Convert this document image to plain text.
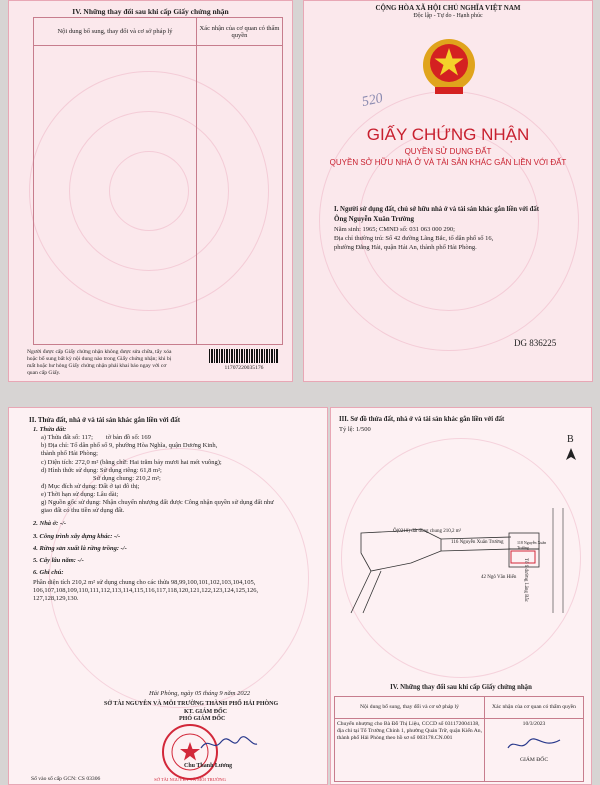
IV. Những thay đổi sau khi cấp Giấy chứng nhận
Nội dung bổ sung, thay đổi và cơ sở pháp lý	Xác nhận của cơ quan có thẩm quyền

Người được cấp Giấy chứng nhận không được sửa chữa, tẩy xóa hoặc bổ sung bất kỳ nội dung nào trong Giấy chứng nhận; khi bị mất hoặc hư hỏng Giấy chứng nhận phải khai báo ngay với cơ quan cấp Giấy.
11707220035176
CỘNG HÒA XÃ HỘI CHỦ NGHĨA VIỆT NAM
Độc lập - Tự do - Hạnh phúc
520
GIẤY CHỨNG NHẬN
QUYỀN SỬ DỤNG ĐẤT
QUYỀN SỞ HỮU NHÀ Ở VÀ TÀI SẢN KHÁC GẮN LIỀN VỚI ĐẤT
I. Người sử dụng đất, chủ sở hữu nhà ở và tài sản khác gắn liền với đất
Ông Nguyễn Xuân Trường
Năm sinh: 1965; CMND số: 031 063 000 290;
Địa chỉ thường trú: Số 42 đường Lãng Bắc, tổ dân phố số 16,
phường Đằng Hải, quận Hải An, thành phố Hải Phòng.
DG 836225
II. Thửa đất, nhà ở và tài sản khác gắn liền với đất
1. Thửa đất:
a) Thửa đất số: 117; tờ bản đồ số: 169
b) Địa chỉ: Tổ dân phố số 9, phường Hòa Nghĩa, quận Dương Kinh,
thành phố Hải Phòng;
c) Diện tích: 272,0 m² (bằng chữ: Hai trăm bảy mươi hai mét vuông);
d) Hình thức sử dụng: Sử dụng riêng: 61,8 m²;
Sử dụng chung: 210,2 m²;
đ) Mục đích sử dụng: Đất ở tại đô thị;
e) Thời hạn sử dụng: Lâu dài;
g) Nguồn gốc sử dụng: Nhận chuyển nhượng đất được Công nhận quyền sử dụng đất như
giao đất có thu tiền sử dụng đất.
2. Nhà ở: -/-
3. Công trình xây dựng khác: -/-
4. Rừng sản xuất là rừng trồng: -/-
5. Cây lâu năm: -/-
6. Ghi chú:
Phần diện tích 210,2 m² sử dụng chung cho các thửa 98,99,100,101,102,103,104,105,
106,107,108,109,110,111,112,113,114,115,116,117,118,120,121,122,123,124,125,126,
127,128,129,130.
Hải Phòng, ngày 05 tháng 9 năm 2022
SỞ TÀI NGUYÊN VÀ MÔI TRƯỜNG THÀNH PHỐ HẢI PHÒNG
KT. GIÁM ĐỐC
PHÓ GIÁM ĐỐC
SỞ TÀI NGUYÊN VÀ MÔI TRƯỜNG
Chu Thanh Lương
Số vào sổ cấp GCN: CS 03306
III. Sơ đồ thửa đất, nhà ở và tài sản khác gắn liền với đất
Tỷ lệ: 1/500
B
Ô(0210) đất dùng chung 210,2 m²
116 Nguyễn Xuân Trường	118 Nguyễn Xuân Trường
42 Ngô Văn Hiển Tổ 9 đường Lãng Bắc
IV. Những thay đổi sau khi cấp Giấy chứng nhận
Nội dung bổ sung, thay đổi và cơ sở pháp lý	Xác nhận của cơ quan có thẩm quyền
Chuyển nhượng cho Bà Đỗ Thị Liệu, CCCD số 031172004138, địa chỉ tại Tổ Trường Chinh 1, phường Quán Trữ, quận Kiến An, thành phố Hải Phòng theo hồ sơ số 003178.CN.001	10/3/2023
GIÁM ĐỐC
